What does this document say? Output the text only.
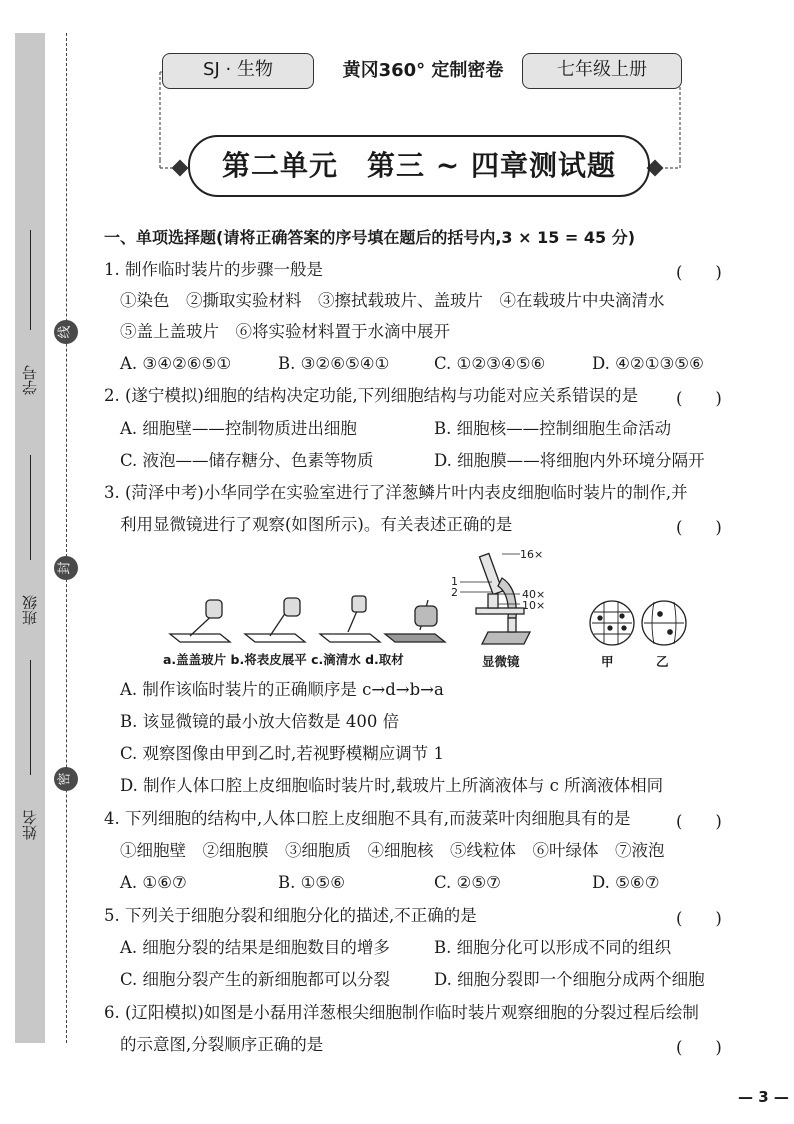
学号
班级
姓名
线
封
密
SJ · 生物	黄冈360° 定制密卷	七年级上册
第二单元　第三 ~ 四章测试题
一、单项选择题(请将正确答案的序号填在题后的括号内,3 × 15 = 45 分)
1. 制作临时装片的步骤一般是	(　　)
①染色　②撕取实验材料　③擦拭载玻片、盖玻片　④在载玻片中央滴清水
⑤盖上盖玻片　⑥将实验材料置于水滴中展开
A. ③④②⑥⑤①	B. ③②⑥⑤④①	C. ①②③④⑤⑥	D. ④②①③⑤⑥
2. (遂宁模拟)细胞的结构决定功能,下列细胞结构与功能对应关系错误的是 (　　)
A. 细胞壁——控制物质进出细胞	B. 细胞核——控制细胞生命活动
C. 液泡——储存糖分、色素等物质	D. 细胞膜——将细胞内外环境分隔开
3. (菏泽中考)小华同学在实验室进行了洋葱鳞片叶内表皮细胞临时装片的制作,并
利用显微镜进行了观察(如图所示)。有关表述正确的是	(　　)
a.盖盖玻片 b.将表皮展平 c.滴清水 d.取材
16×
40×
10×
1
2
显微镜	甲	乙
A. 制作该临时装片的正确顺序是 c→d→b→a
B. 该显微镜的最小放大倍数是 400 倍
C. 观察图像由甲到乙时,若视野模糊应调节 1
D. 制作人体口腔上皮细胞临时装片时,载玻片上所滴液体与 c 所滴液体相同
4. 下列细胞的结构中,人体口腔上皮细胞不具有,而菠菜叶肉细胞具有的是	(　　)
①细胞壁　②细胞膜　③细胞质　④细胞核　⑤线粒体　⑥叶绿体　⑦液泡
A. ①⑥⑦	B. ①⑤⑥	C. ②⑤⑦	D. ⑤⑥⑦
5. 下列关于细胞分裂和细胞分化的描述,不正确的是	(　　)
A. 细胞分裂的结果是细胞数目的增多	B. 细胞分化可以形成不同的组织
C. 细胞分裂产生的新细胞都可以分裂	D. 细胞分裂即一个细胞分成两个细胞
6. (辽阳模拟)如图是小磊用洋葱根尖细胞制作临时装片观察细胞的分裂过程后绘制
的示意图,分裂顺序正确的是	(　　)
— 3 —
